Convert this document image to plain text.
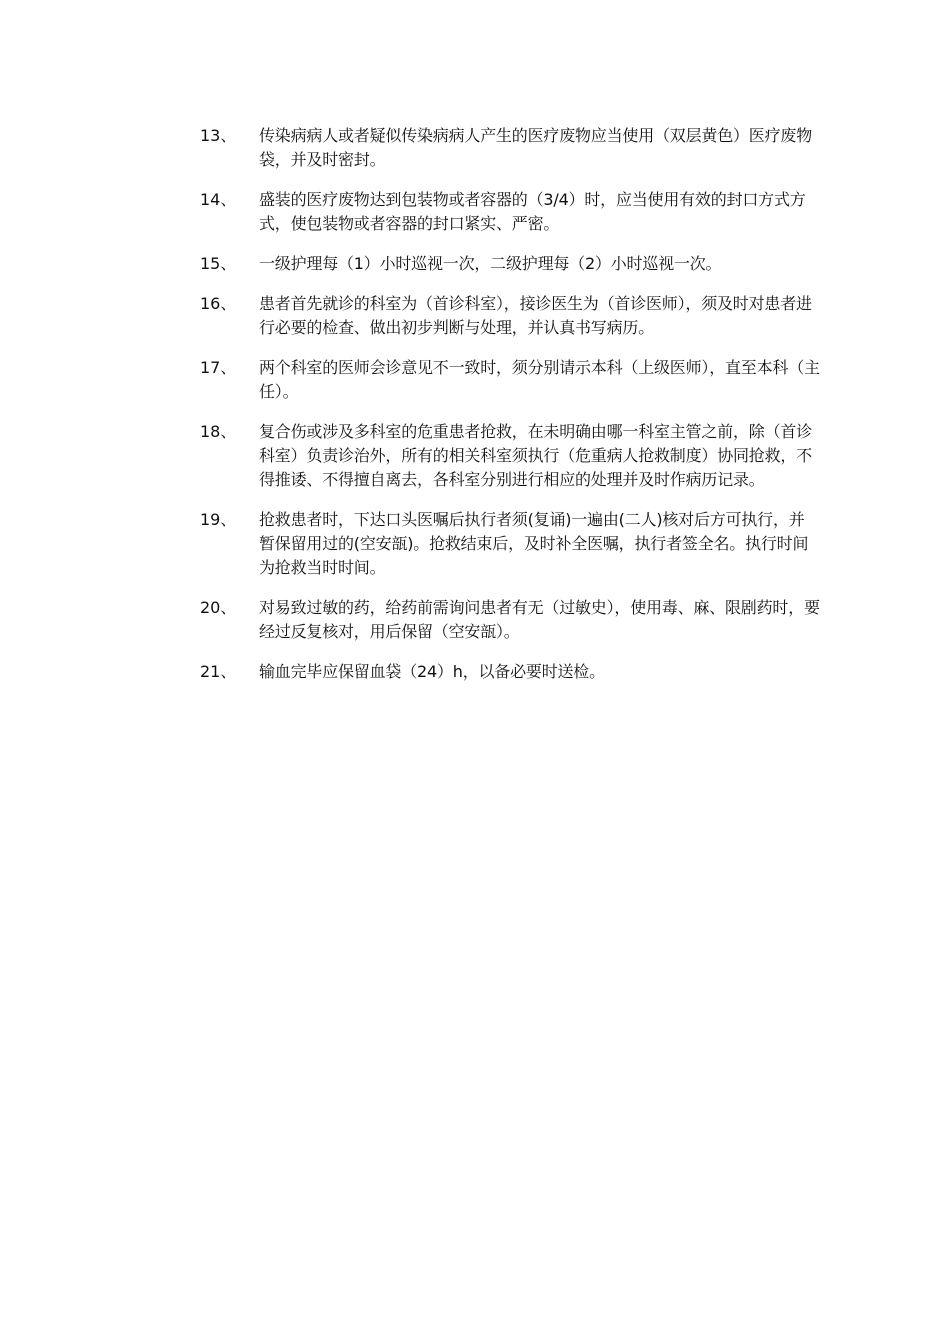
13、	传染病病人或者疑似传染病病人产生的医疗废物应当使用（双层黄色）医疗废物袋，并及时密封。
14、	盛装的医疗废物达到包装物或者容器的（3/4）时，应当使用有效的封口方式方式，使包装物或者容器的封口紧实、严密。
15、	一级护理每（1）小时巡视一次，二级护理每（2）小时巡视一次。
16、	患者首先就诊的科室为（首诊科室），接诊医生为（首诊医师），须及时对患者进行必要的检查、做出初步判断与处理，并认真书写病历。
17、	两个科室的医师会诊意见不一致时，须分别请示本科（上级医师），直至本科（主任）。
18、	复合伤或涉及多科室的危重患者抢救，在未明确由哪一科室主管之前，除（首诊科室）负责诊治外，所有的相关科室须执行（危重病人抢救制度）协同抢救，不得推诿、不得擅自离去，各科室分别进行相应的处理并及时作病历记录。
19、	抢救患者时，下达口头医嘱后执行者须(复诵)一遍由(二人)核对后方可执行，并暂保留用过的(空安瓿)。抢救结束后，及时补全医嘱，执行者签全名。执行时间为抢救当时时间。
20、	对易致过敏的药，给药前需询问患者有无（过敏史），使用毒、麻、限剧药时，要经过反复核对，用后保留（空安瓿）。
21、	输血完毕应保留血袋（24）h，以备必要时送检。
